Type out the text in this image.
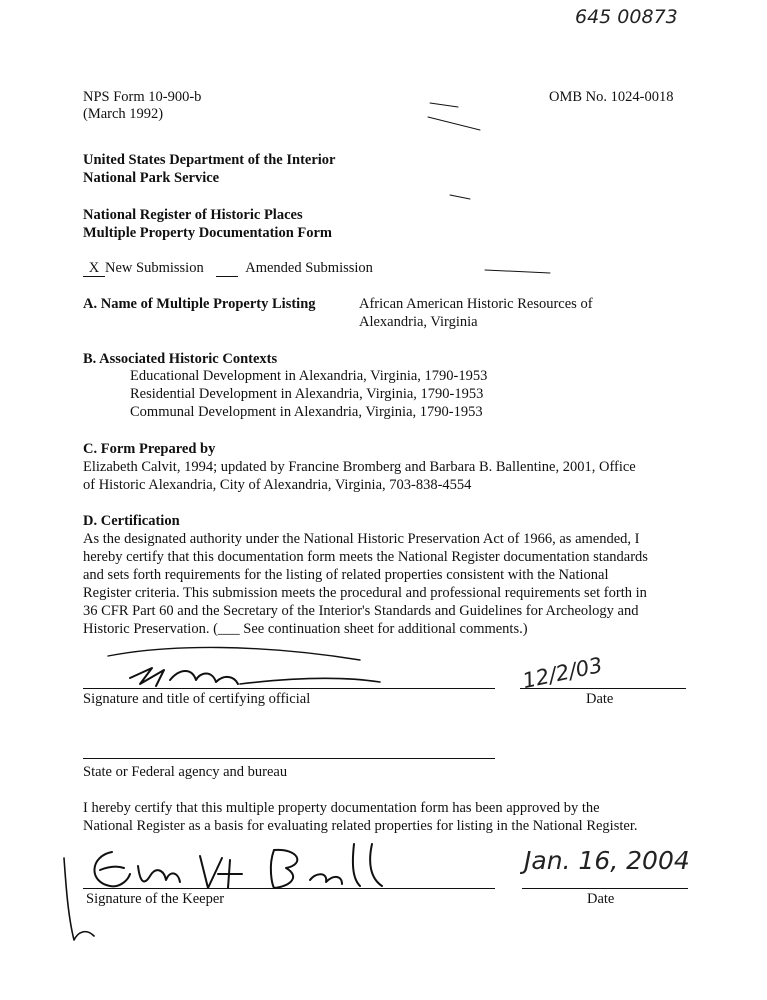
645 00873
NPS Form 10-900-b
(March 1992)
OMB No. 1024-0018
United States Department of the Interior
National Park Service
National Register of Historic Places
Multiple Property Documentation Form
X New Submission	Amended Submission
A. Name of Multiple Property Listing	African American Historic Resources of
Alexandria, Virginia
B. Associated Historic Contexts
Educational Development in Alexandria, Virginia, 1790-1953
Residential Development in Alexandria, Virginia, 1790-1953
Communal Development in Alexandria, Virginia, 1790-1953
C. Form Prepared by
Elizabeth Calvit, 1994; updated by Francine Bromberg and Barbara B. Ballentine, 2001, Office
of Historic Alexandria, City of Alexandria, Virginia, 703-838-4554
D. Certification
As the designated authority under the National Historic Preservation Act of 1966, as amended, I
hereby certify that this documentation form meets the National Register documentation standards
and sets forth requirements for the listing of related properties consistent with the National
Register criteria. This submission meets the procedural and professional requirements set forth in
36 CFR Part 60 and the Secretary of the Interior's Standards and Guidelines for Archeology and
Historic Preservation. (___ See continuation sheet for additional comments.)
Signature and title of certifying official
12/2/03
Date
State or Federal agency and bureau
I hereby certify that this multiple property documentation form has been approved by the
National Register as a basis for evaluating related properties for listing in the National Register.
Signature of the Keeper
Jan. 16, 2004
Date
